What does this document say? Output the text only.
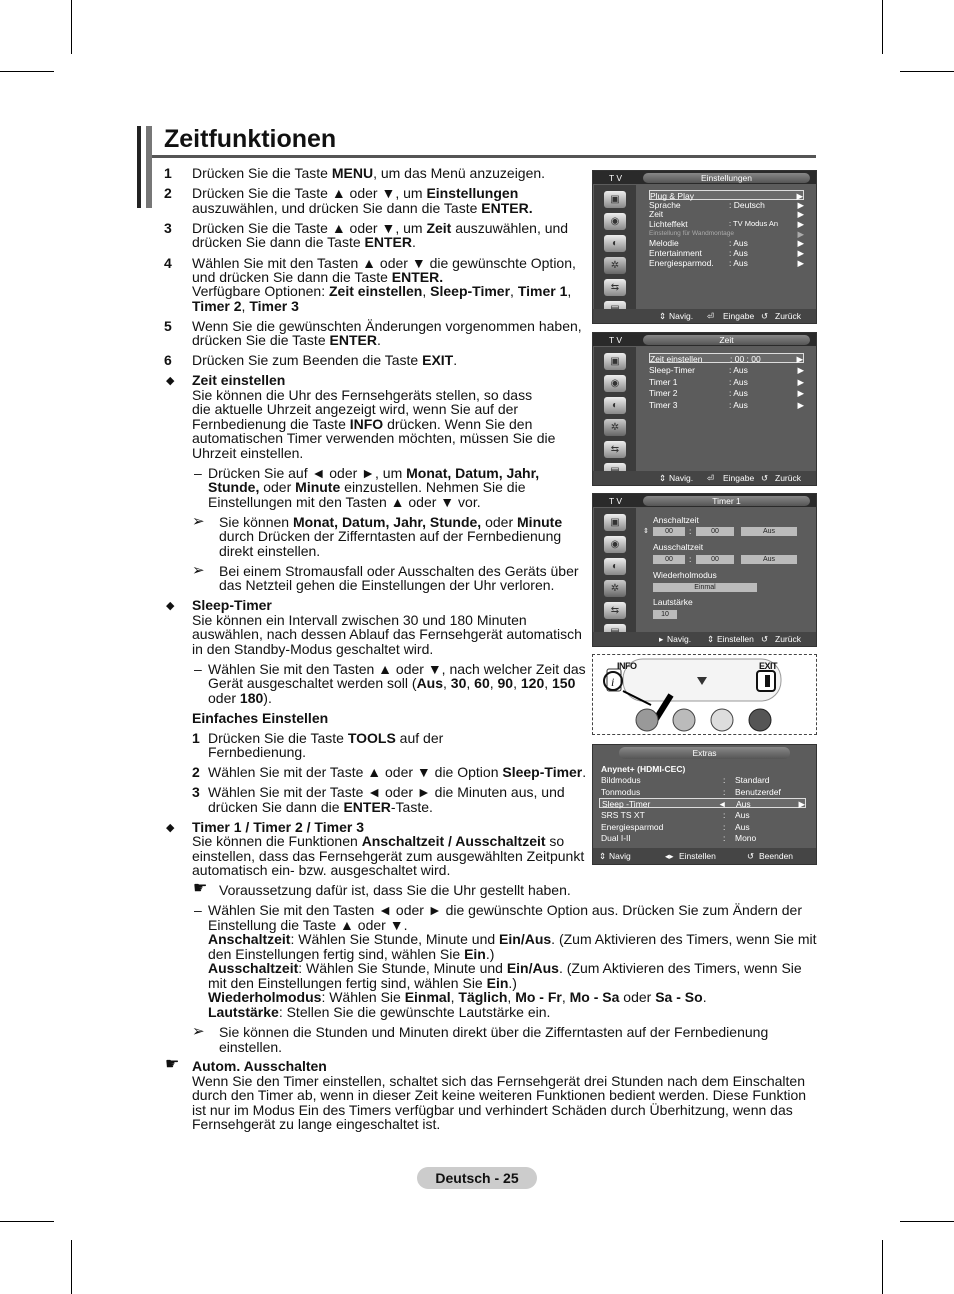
Zeitfunktionen
1	Drücken Sie die Taste MENU, um das Menü anzuzeigen.
2	Drücken Sie die Taste ▲ oder ▼, um Einstellungen
auszuwählen, und drücken Sie dann die Taste ENTER.
3	Drücken Sie die Taste ▲ oder ▼, um Zeit auszuwählen, und
drücken Sie dann die Taste ENTER.
4	Wählen Sie mit den Tasten ▲ oder ▼ die gewünschte Option,
und drücken Sie dann die Taste ENTER.
Verfügbare Optionen: Zeit einstellen, Sleep-Timer, Timer 1,
Timer 2, Timer 3
5	Wenn Sie die gewünschten Änderungen vorgenommen haben,
drücken Sie die Taste ENTER.
6	Drücken Sie zum Beenden die Taste EXIT.
◆ Zeit einstellen
Sie können die Uhr des Fernsehgeräts stellen, so dass
die aktuelle Uhrzeit angezeigt wird, wenn Sie auf der
Fernbedienung die Taste INFO drücken. Wenn Sie den
automatischen Timer verwenden möchten, müssen Sie die
Uhrzeit einstellen.
– Drücken Sie auf ◄ oder ►, um Monat, Datum, Jahr,
Stunde, oder Minute einzustellen. Nehmen Sie die
Einstellungen mit den Tasten ▲ oder ▼ vor.
➢ Sie können Monat, Datum, Jahr, Stunde, oder Minute
durch Drücken der Zifferntasten auf der Fernbedienung
direkt einstellen.
➢ Bei einem Stromausfall oder Ausschalten des Geräts über
das Netzteil gehen die Einstellungen der Uhr verloren.
◆ Sleep-Timer
Sie können ein Intervall zwischen 30 und 180 Minuten
auswählen, nach dessen Ablauf das Fernsehgerät automatisch
in den Standby-Modus geschaltet wird.
– Wählen Sie mit den Tasten ▲ oder ▼, nach welcher Zeit das
Gerät ausgeschaltet werden soll (Aus, 30, 60, 90, 120, 150
oder 180).
Einfaches Einstellen
1 Drücken Sie die Taste TOOLS auf der
Fernbedienung.
2 Wählen Sie mit der Taste ▲ oder ▼ die Option Sleep-Timer.
3 Wählen Sie mit der Taste ◄ oder ► die Minuten aus, und
drücken Sie dann die ENTER-Taste.
◆ Timer 1 / Timer 2 / Timer 3
Sie können die Funktionen Anschaltzeit / Ausschaltzeit so
einstellen, dass das Fernsehgerät zum ausgewählten Zeitpunkt
automatisch ein- bzw. ausgeschaltet wird.
☛ Voraussetzung dafür ist, dass Sie die Uhr gestellt haben.
– Wählen Sie mit den Tasten ◄ oder ► die gewünschte Option aus. Drücken Sie zum Ändern der
Einstellung die Taste ▲ oder ▼.
Anschaltzeit: Wählen Sie Stunde, Minute und Ein/Aus. (Zum Aktivieren des Timers, wenn Sie mit
den Einstellungen fertig sind, wählen Sie Ein.)
Ausschaltzeit: Wählen Sie Stunde, Minute und Ein/Aus. (Zum Aktivieren des Timers, wenn Sie
mit den Einstellungen fertig sind, wählen Sie Ein.)
Wiederholmodus: Wählen Sie Einmal, Täglich, Mo - Fr, Mo - Sa oder Sa - So.
Lautstärke: Stellen Sie die gewünschte Lautstärke ein.
➢ Sie können die Stunden und Minuten direkt über die Zifferntasten auf der Fernbedienung
einstellen.
☛ Autom. Ausschalten
Wenn Sie den Timer einstellen, schaltet sich das Fernsehgerät drei Stunden nach dem Einschalten
durch den Timer ab, wenn in dieser Zeit keine weiteren Funktionen bedient werden. Diese Funktion
ist nur im Modus Ein des Timers verfügbar und verhindert Schäden durch Überhitzung, wenn das
Fernsehgerät zu lange eingeschaltet ist.
T V	Einstellungen
▣
◉
◐
✲
⇆
Plug & Play	▶
Sprache	: Deutsch	▶
Zeit	▶
Lichteffekt	: TV Modus An ▶
Einstellung für Wandmontage	▶
Melodie	: Aus	▶
Entertainment	: Aus	▶
Energiesparmod. : Aus	▶
⇕ Navig. ⏎ Eingabe ↺ Zurück
T V	Zeit
▣
◉
◐
✲
⇆
Zeit einstellen	: 00 : 00	▶
Sleep-Timer	: Aus	▶
Timer 1	: Aus	▶
Timer 2	: Aus	▶
Timer 3	: Aus	▶
⇕ Navig. ⏎ Eingabe ↺ Zurück
T V	Timer 1
▣
◉
◐
✲
⇆
Anschaltzeit
⇕	00	:	00	Aus
Ausschaltzeit
00	:	00	Aus
Wiederholmodus
Einmal
Lautstärke
10
▸ Navig. ⇕ Einstellen ↺ Zurück
i
INFO	EXIT
Extras
Anynet+ (HDMI-CEC)
Bildmodus	: Standard
Tonmodus	: Benutzerdef
Sleep -Timer	◄ Aus	▶
SRS TS XT	: Aus
Energiesparmod	: Aus
Dual I-II	: Mono
⇕ Navig	◂▸ Einstellen	↺ Beenden
Deutsch - 25
